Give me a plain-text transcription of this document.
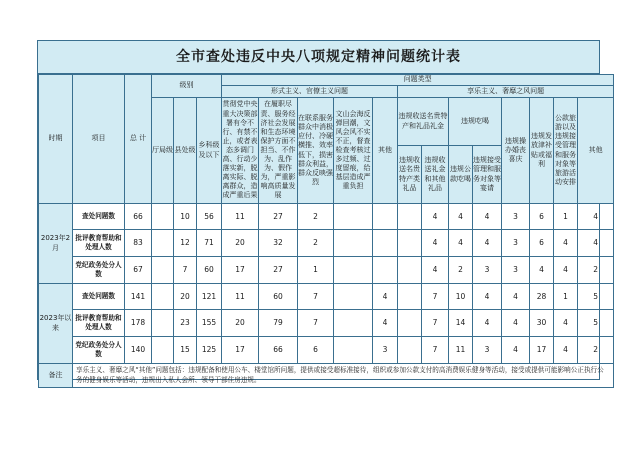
全市查处违反中央八项规定精神问题统计表
时期	项目	总 计	级别			问题类型												
						形式主义、官僚主义问题					享乐主义、奢靡之风问题							
			厅局级	县处级	乡科级及以下	贯彻党中央重大决策部署有令不行、有禁不止，或者表态多调门高、行动少落实新，脱离实际、脱离群众，造成严重后果	在履职尽责、服务经济社会发展和生态环境保护方面不担当、不作为、乱作为、假作为，严重影响高质量发展	在联系服务群众中消极应付、冷硬横推、效率低下，损害群众利益，群众反映强烈	文山会海反弹回潮，文风会风不实不正，督查检查考核过多过频、过度留痕，给基层造成严重负担	其他	违规收送名贵特产和礼品礼金		违规吃喝		违规操办婚丧喜庆	违规发放津补贴或福利	公款旅游以及违规接受管理和服务对象等旅游活动安排	其他
											违规收送名贵特产类礼品	违规收送礼金和其他礼品	违规公款吃喝	违规接受管理和服务对象等宴请				
2023年2月	查处问题数	66		10	56	11	27	2				4	4	4	3	6	1	4
	批评教育帮助和处理人数	83		12	71	20	32	2				4	4	4	3	6	4	4
	党纪政务处分人数	67		7	60	17	27	1				4	2	3	3	4	4	2
2023年以来	查处问题数	141		20	121	11	60	7		4		7	10	4	4	28	1	5
	批评教育帮助和处理人数	178		23	155	20	79	7		4		7	14	4	4	30	4	5
	党纪政务处分人数	140		15	125	17	66	6		3		7	11	3	4	17	4	2
备注	享乐主义、奢靡之风“其他”问题包括：违规配备和使用公车、楼堂馆所问题，提供或接受超标准接待，组织或参加公款支付的高消费娱乐健身等活动，接受或提供可能影响公正执行公务的健身娱乐等活动，违规出入私人会所、领导干部住房违规。																	
